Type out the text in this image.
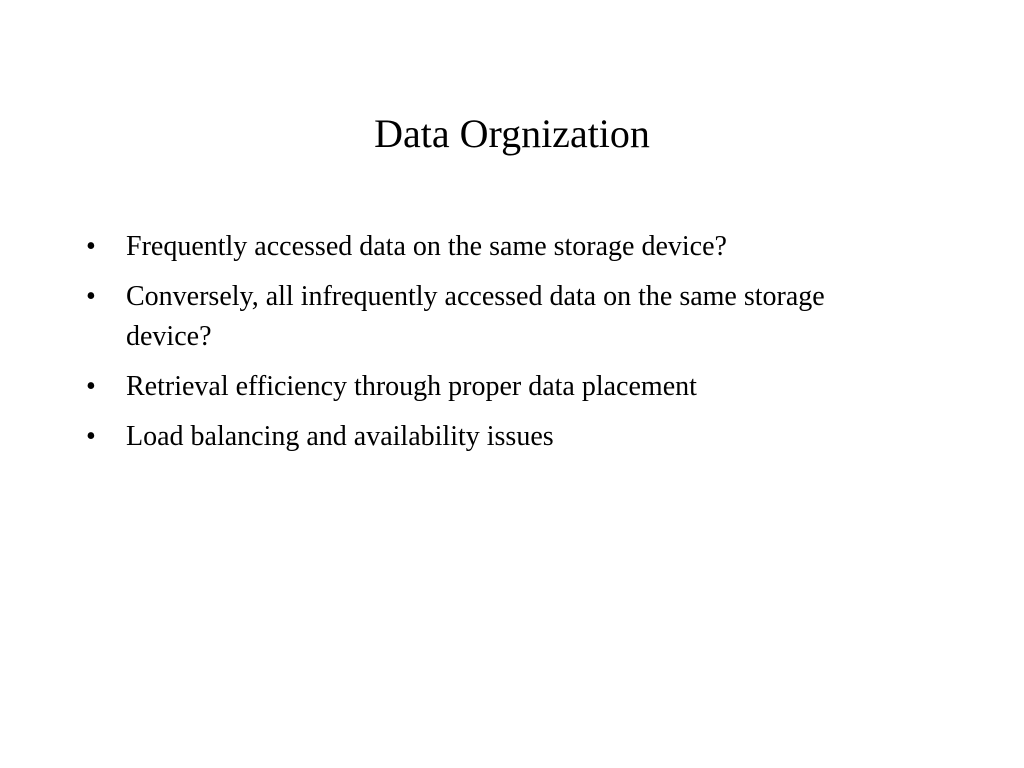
Data Orgnization
• Frequently accessed data on the same storage device?
• Conversely, all infrequently accessed data on the same storage device?
• Retrieval efficiency through proper data placement
• Load balancing and availability issues
